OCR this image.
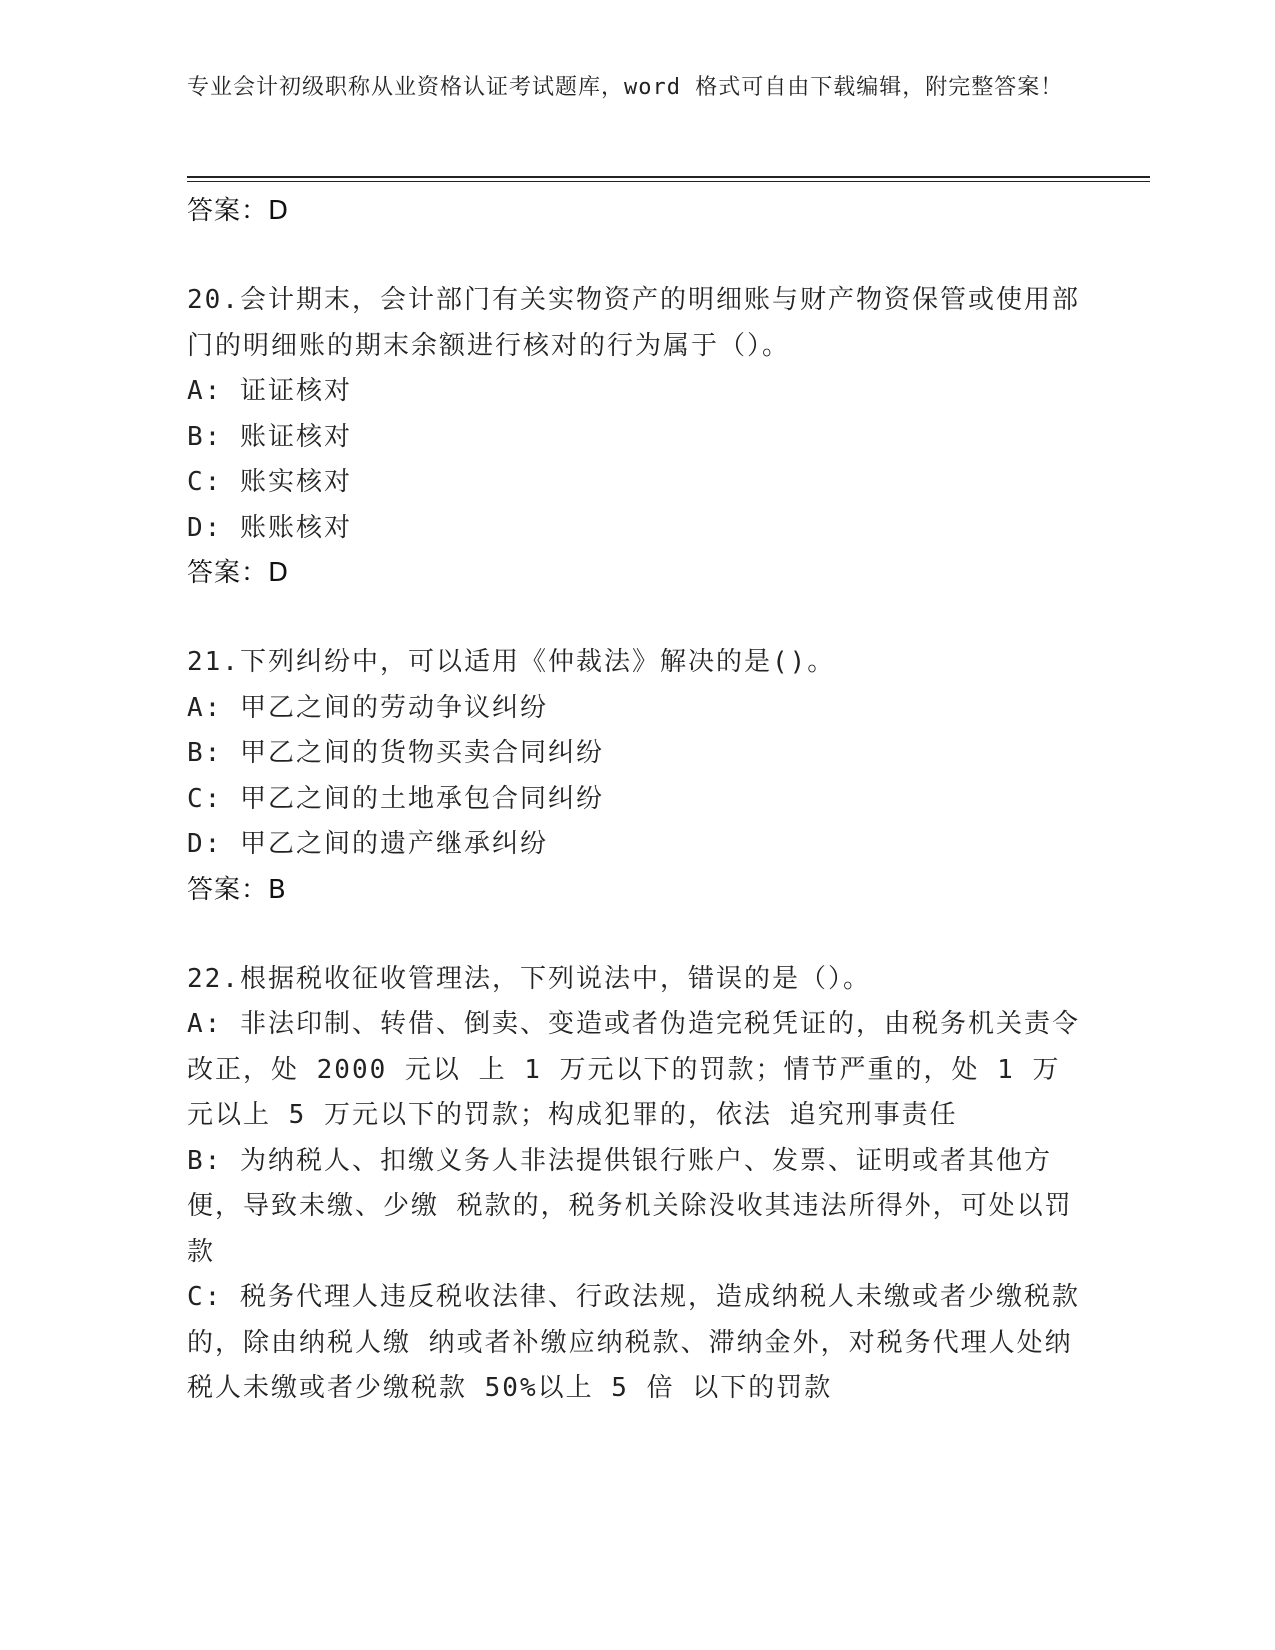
专业会计初级职称从业资格认证考试题库，word 格式可自由下载编辑，附完整答案！
答案：D
20.会计期末，会计部门有关实物资产的明细账与财产物资保管或使用部门的明细账的期末余额进行核对的行为属于（）。
A: 证证核对
B: 账证核对
C: 账实核对
D: 账账核对
答案：D
21.下列纠纷中，可以适用《仲裁法》解决的是()。
A: 甲乙之间的劳动争议纠纷
B: 甲乙之间的货物买卖合同纠纷
C: 甲乙之间的土地承包合同纠纷
D: 甲乙之间的遗产继承纠纷
答案：B
22.根据税收征收管理法，下列说法中，错误的是（）。
A: 非法印制、转借、倒卖、变造或者伪造完税凭证的，由税务机关责令改正，处 2000 元以 上 1 万元以下的罚款；情节严重的，处 1 万元以上 5 万元以下的罚款；构成犯罪的，依法 追究刑事责任
B: 为纳税人、扣缴义务人非法提供银行账户、发票、证明或者其他方便，导致未缴、少缴 税款的，税务机关除没收其违法所得外，可处以罚款
C: 税务代理人违反税收法律、行政法规，造成纳税人未缴或者少缴税款的，除由纳税人缴 纳或者补缴应纳税款、滞纳金外，对税务代理人处纳税人未缴或者少缴税款 50%以上 5 倍 以下的罚款
